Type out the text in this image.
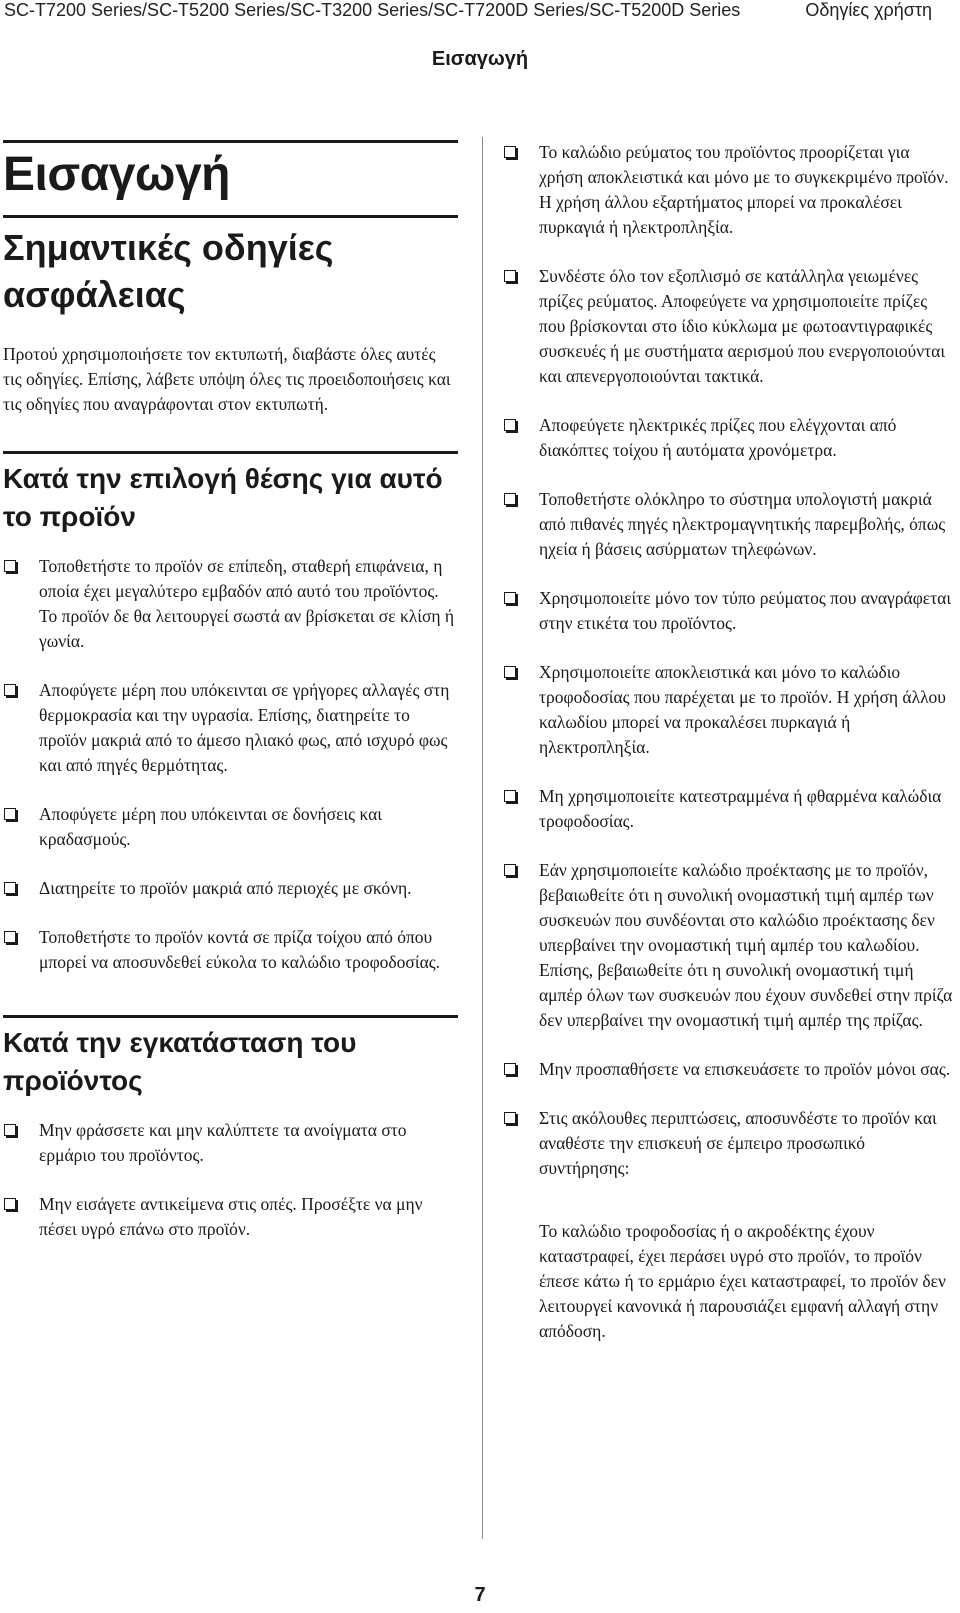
SC-T7200 Series/SC-T5200 Series/SC-T3200 Series/SC-T7200D Series/SC-T5200D Series	Οδηγίες χρήστη
Εισαγωγή
Εισαγωγή
Σημαντικές οδηγίες ασφάλειας

Προτού χρησιμοποιήσετε τον εκτυπωτή, διαβάστε όλες αυτές τις οδηγίες. Επίσης, λάβετε υπόψη όλες τις προειδοποιήσεις και τις οδηγίες που αναγράφονται στον εκτυπωτή.

Κατά την επιλογή θέσης για αυτό το προϊόν
Τοποθετήστε το προϊόν σε επίπεδη, σταθερή επιφάνεια, η οποία έχει μεγαλύτερο εμβαδόν από αυτό του προϊόντος. Το προϊόν δε θα λειτουργεί σωστά αν βρίσκεται σε κλίση ή γωνία.
Αποφύγετε μέρη που υπόκεινται σε γρήγορες αλλαγές στη θερμοκρασία και την υγρασία. Επίσης, διατηρείτε το προϊόν μακριά από το άμεσο ηλιακό φως, από ισχυρό φως και από πηγές θερμότητας.
Αποφύγετε μέρη που υπόκεινται σε δονήσεις και κραδασμούς.
Διατηρείτε το προϊόν μακριά από περιοχές με σκόνη.
Τοποθετήστε το προϊόν κοντά σε πρίζα τοίχου από όπου μπορεί να αποσυνδεθεί εύκολα το καλώδιο τροφοδοσίας.
Κατά την εγκατάσταση του προϊόντος
Μην φράσσετε και μην καλύπτετε τα ανοίγματα στο ερμάριο του προϊόντος.
Μην εισάγετε αντικείμενα στις οπές. Προσέξτε να μην πέσει υγρό επάνω στο προϊόν.
Το καλώδιο ρεύματος του προϊόντος προορίζεται για χρήση αποκλειστικά και μόνο με το συγκεκριμένο προϊόν. Η χρήση άλλου εξαρτήματος μπορεί να προκαλέσει πυρκαγιά ή ηλεκτροπληξία.
Συνδέστε όλο τον εξοπλισμό σε κατάλληλα γειωμένες πρίζες ρεύματος. Αποφεύγετε να χρησιμοποιείτε πρίζες που βρίσκονται στο ίδιο κύκλωμα με φωτοαντιγραφικές συσκευές ή με συστήματα αερισμού που ενεργοποιούνται και απενεργοποιούνται τακτικά.
Αποφεύγετε ηλεκτρικές πρίζες που ελέγχονται από διακόπτες τοίχου ή αυτόματα χρονόμετρα.
Τοποθετήστε ολόκληρο το σύστημα υπολογιστή μακριά από πιθανές πηγές ηλεκτρομαγνητικής παρεμβολής, όπως ηχεία ή βάσεις ασύρματων τηλεφώνων.
Χρησιμοποιείτε μόνο τον τύπο ρεύματος που αναγράφεται στην ετικέτα του προϊόντος.
Χρησιμοποιείτε αποκλειστικά και μόνο το καλώδιο τροφοδοσίας που παρέχεται με το προϊόν. Η χρήση άλλου καλωδίου μπορεί να προκαλέσει πυρκαγιά ή ηλεκτροπληξία.
Μη χρησιμοποιείτε κατεστραμμένα ή φθαρμένα καλώδια τροφοδοσίας.
Εάν χρησιμοποιείτε καλώδιο προέκτασης με το προϊόν, βεβαιωθείτε ότι η συνολική ονομαστική τιμή αμπέρ των συσκευών που συνδέονται στο καλώδιο προέκτασης δεν υπερβαίνει την ονομαστική τιμή αμπέρ του καλωδίου. Επίσης, βεβαιωθείτε ότι η συνολική ονομαστική τιμή αμπέρ όλων των συσκευών που έχουν συνδεθεί στην πρίζα δεν υπερβαίνει την ονομαστική τιμή αμπέρ της πρίζας.
Μην προσπαθήσετε να επισκευάσετε το προϊόν μόνοι σας.
Στις ακόλουθες περιπτώσεις, αποσυνδέστε το προϊόν και αναθέστε την επισκευή σε έμπειρο προσωπικό συντήρησης:
Το καλώδιο τροφοδοσίας ή ο ακροδέκτης έχουν καταστραφεί, έχει περάσει υγρό στο προϊόν, το προϊόν έπεσε κάτω ή το ερμάριο έχει καταστραφεί, το προϊόν δεν λειτουργεί κανονικά ή παρουσιάζει εμφανή αλλαγή στην απόδοση.
7
